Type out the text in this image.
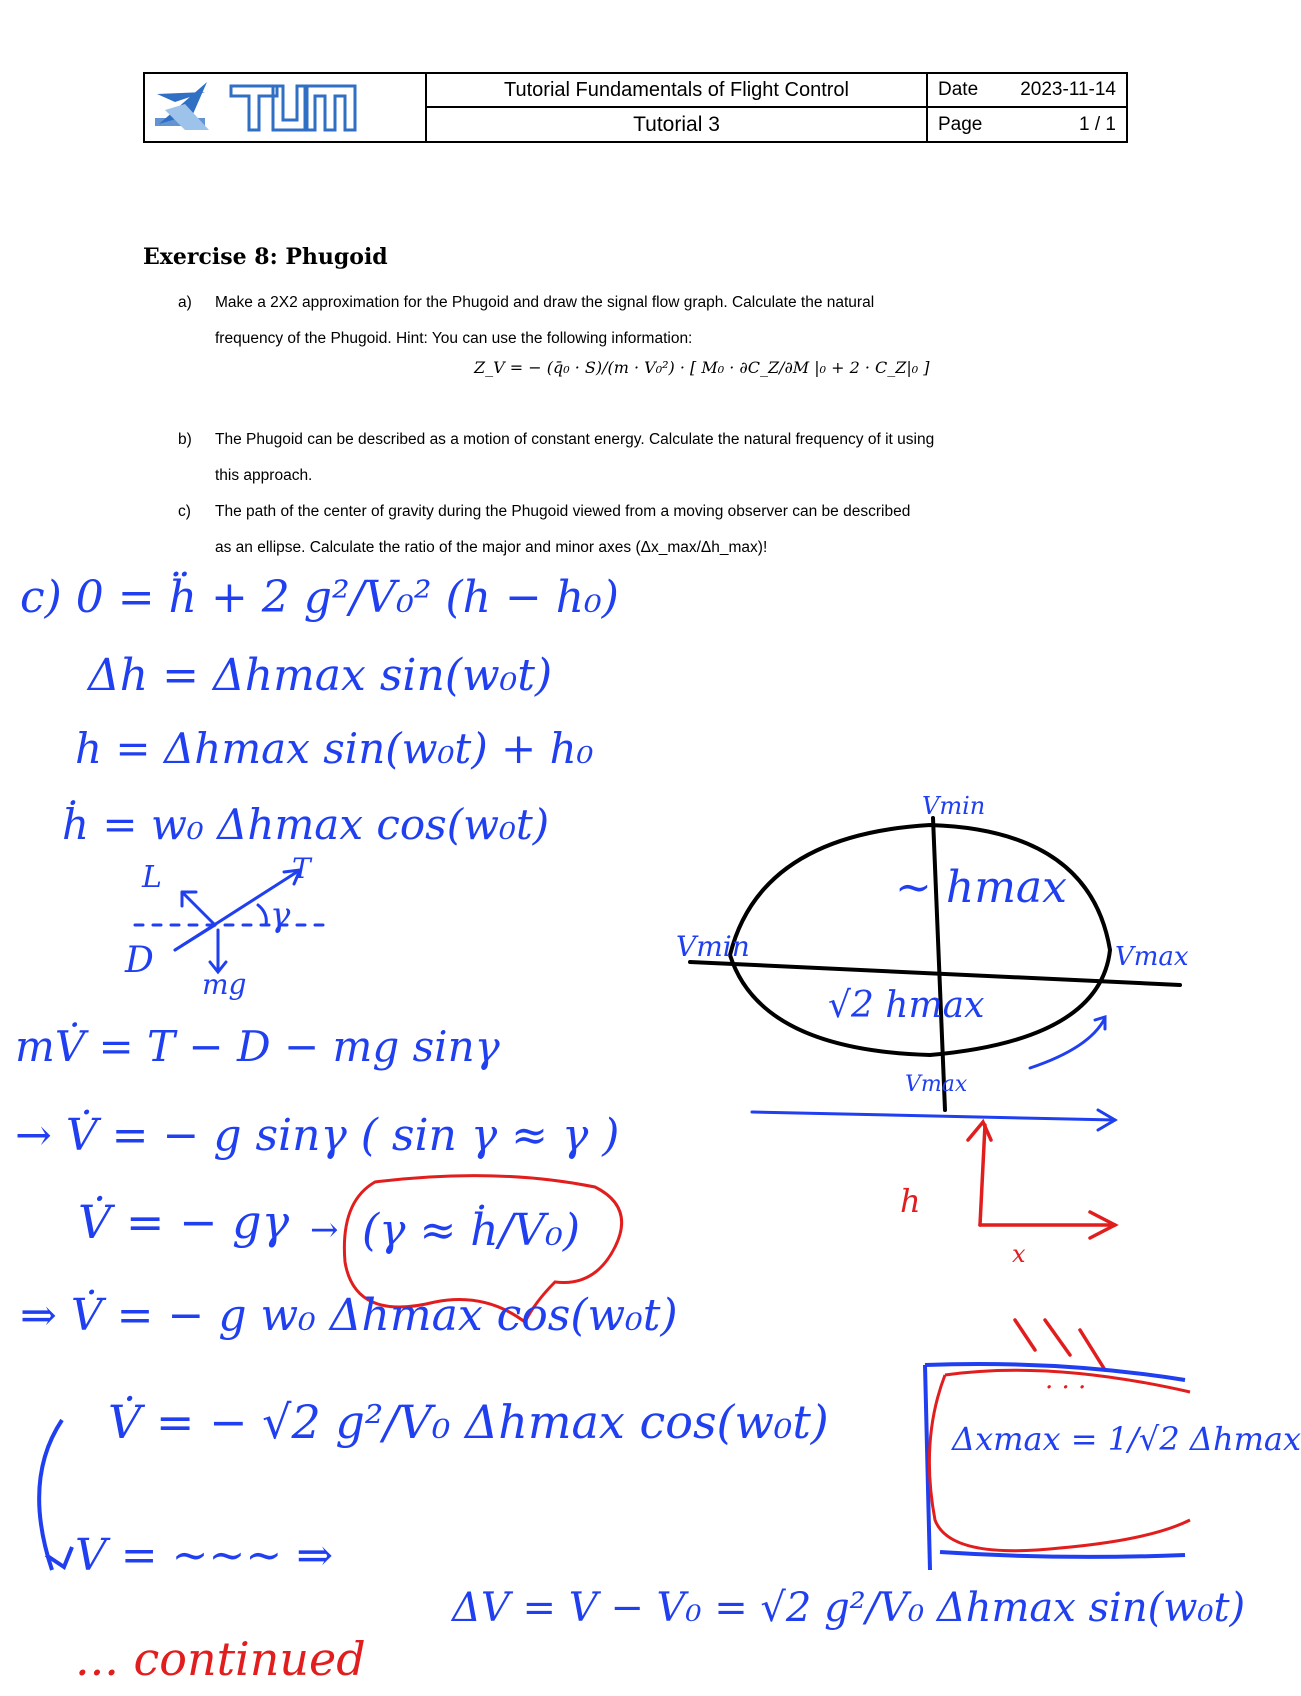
Tutorial Fundamentals of Flight Control
Tutorial 3
Date 2023-11-14
Page	1 / 1
Exercise 8: Phugoid
a) Make a 2X2 approximation for the Phugoid and draw the signal flow graph. Calculate the natural
frequency of the Phugoid. Hint: You can use the following information:
Z_V = − (q̄₀ · S)/(m · V₀²) · [ M₀ · ∂C_Z/∂M |₀ + 2 · C_Z|₀ ]
b) The Phugoid can be described as a motion of constant energy. Calculate the natural frequency of it using
this approach.
c) The path of the center of gravity during the Phugoid viewed from a moving observer can be described
as an ellipse. Calculate the ratio of the major and minor axes (Δx_max/Δh_max)!
c) 0 = ḧ + 2 g²/V₀² (h − h₀)
Δh = Δhmax sin(w₀t)
h = Δhmax sin(w₀t) + h₀
ḣ = w₀ Δhmax cos(w₀t)
L	T
γ
D
mg
mV̇ = T − D − mg sinγ
→ V̇ = − g sinγ ( sin γ ≈ γ )
V̇ = − gγ → (γ ≈ ḣ/V₀)
⇒ V̇ = − g w₀ Δhmax cos(w₀t)
V̇ = − √2 g²/V₀ Δhmax cos(w₀t)
V = ~~~ ⇒
ΔV = V − V₀ = √2 g²/V₀ Δhmax sin(w₀t)
... continued
Vmin
~ hmax
Vmin	Vmax
√2 hmax
Vmax
h
x
. . .
Δxmax = 1/√2 Δhmax
